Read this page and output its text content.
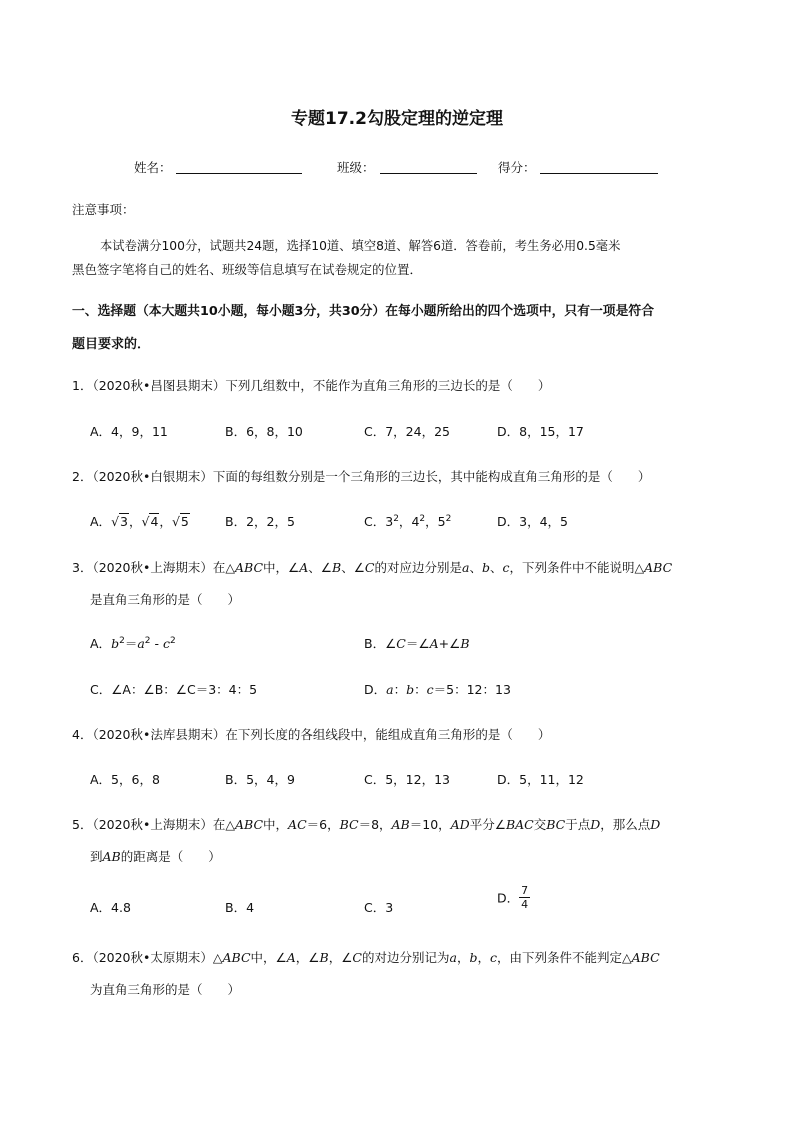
专题17.2勾股定理的逆定理
姓名：	班级：	得分：
注意事项：
本试卷满分100分，试题共24题，选择10道、填空8道、解答6道．答卷前，考生务必用0.5毫米
黑色签字笔将自己的姓名、班级等信息填写在试卷规定的位置．
一、选择题（本大题共10小题，每小题3分，共30分）在每小题所给出的四个选项中，只有一项是符合
题目要求的．
1．（2020秋•昌图县期末）下列几组数中，不能作为直角三角形的三边长的是（　　）
A．4，9，11	B．6，8，10	C．7，24，25	D．8，15，17
2．（2020秋•白银期末）下面的每组数分别是一个三角形的三边长，其中能构成直角三角形的是（　　）
A．√3，√4，√5	B．2，2，5	C．$3^2$，$4^2$，$5^2$	D．3，4，5
3．（2020秋•上海期末）在△ABC中，∠A、∠B、∠C的对应边分别是a、b、c，下列条件中不能说明△ABC
是直角三角形的是（　　）
A．$b^2=a^2 - c^2$	B．∠C＝∠A+∠B
C．∠A：∠B：∠C＝3：4：5	D．a：b：c＝5：12：13
4．（2020秋•法库县期末）在下列长度的各组线段中，能组成直角三角形的是（　　）
A．5，6，8	B．5，4，9	C．5，12，13	D．5，11，12
5．（2020秋•上海期末）在△ABC中，AC＝6，BC＝8，AB＝10，AD平分∠BAC交BC于点D，那么点D
到AB的距离是（　　）
A．4.8	B．4	C．3
D． $\frac{7}{4}$
6．（2020秋•太原期末）△ABC中，∠A，∠B，∠C的对边分别记为a，b，c，由下列条件不能判定△ABC
为直角三角形的是（　　）
